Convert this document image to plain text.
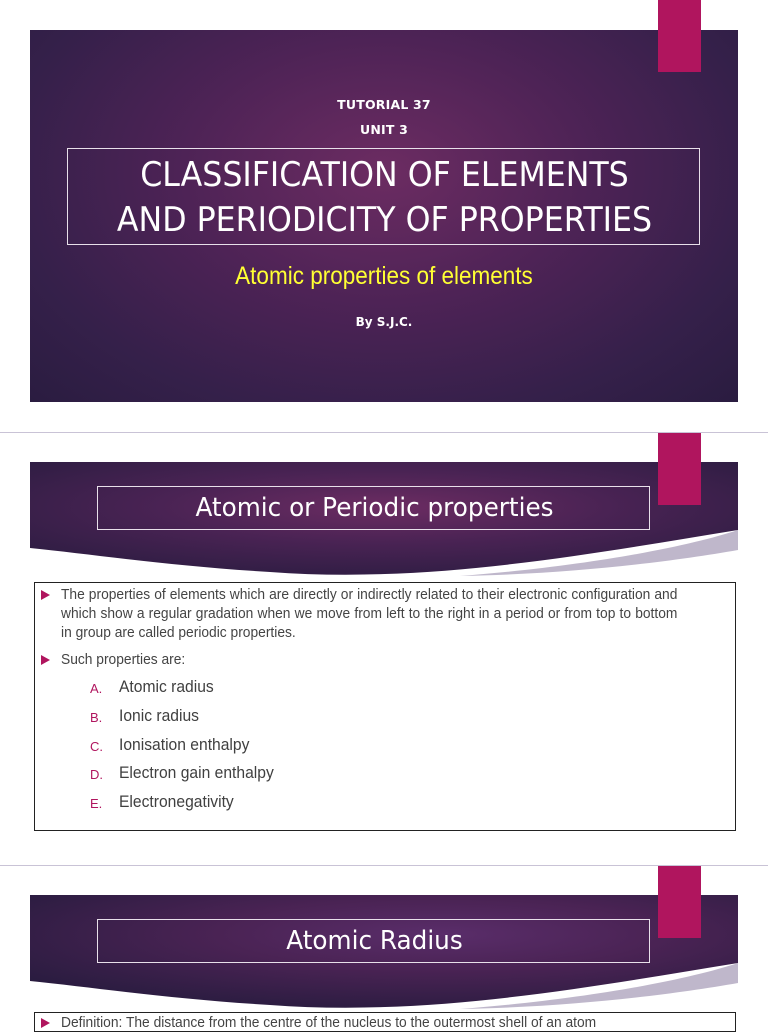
TUTORIAL 37
UNIT 3
CLASSIFICATION OF ELEMENTS
AND PERIODICITY OF PROPERTIES
Atomic properties of elements
By S.J.C.
Atomic or Periodic properties
The properties of elements which are directly or indirectly related to their electronic configuration and which show a regular gradation when we move from left to the right in a period or from top to bottom in group are called periodic properties.
Such properties are:
A. Atomic radius
B. Ionic radius
C. Ionisation enthalpy
D. Electron gain enthalpy
E. Electronegativity
Atomic Radius
Definition: The distance from the centre of the nucleus to the outermost shell of an atom
